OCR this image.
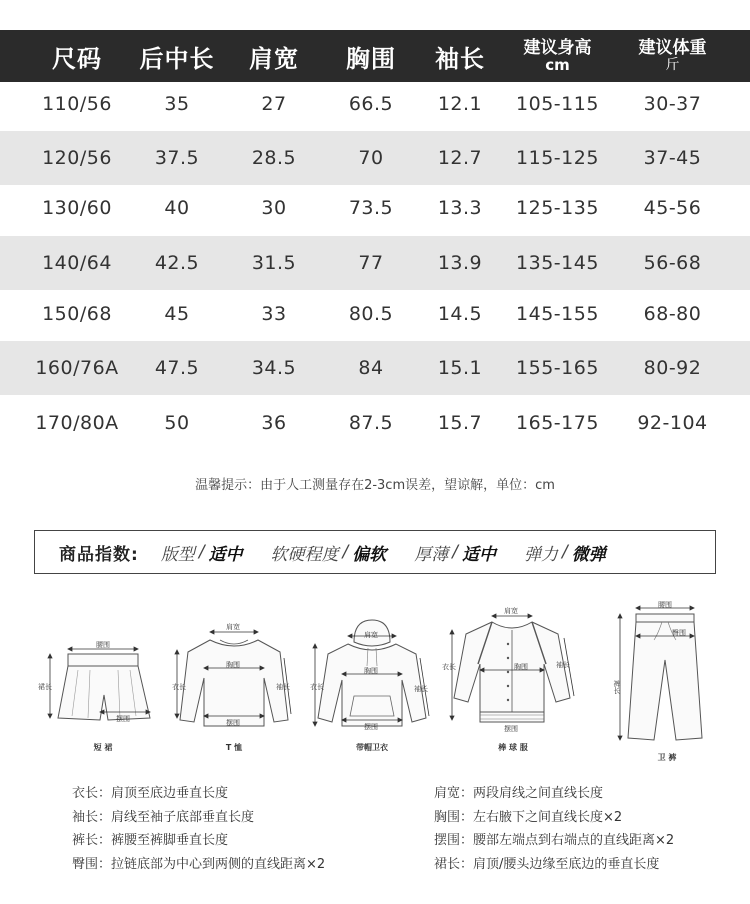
尺码 后中长 肩宽 胸围 袖长 建议身高
cm
建议体重
斤
110/56	35	27	66.5	12.1	105-115	30-37
120/56	37.5	28.5	70	12.7	115-125	37-45
130/60	40	30	73.5	13.3	125-135	45-56
140/64	42.5	31.5	77	13.9	135-145	56-68
150/68	45	33	80.5	14.5	145-155	68-80
160/76A	47.5	34.5	84	15.1	155-165	80-92
170/80A	50	36	87.5	15.7	165-175	92-104
温馨提示：由于人工测量存在2-3cm误差，望谅解，单位：cm
商品指数: 版型 / 适中 软硬程度 / 偏软 厚薄 / 适中 弹力 / 微弹
腰围
裙长
摆围
短 裙
肩宽
胸围
衣长	袖长
摆围
T 恤
肩宽
胸围
衣长	袖长
摆围
带帽卫衣
肩宽
胸围
衣长	袖长
摆围
棒 球 服
腰围
臀围
裤长
卫 裤
衣长：肩顶至底边垂直长度
袖长：肩线至袖子底部垂直长度
裤长：裤腰至裤脚垂直长度
臀围：拉链底部为中心到两侧的直线距离×2
肩宽：两段肩线之间直线长度
胸围：左右腋下之间直线长度×2
摆围：腰部左端点到右端点的直线距离×2
裙长：肩顶/腰头边缘至底边的垂直长度
